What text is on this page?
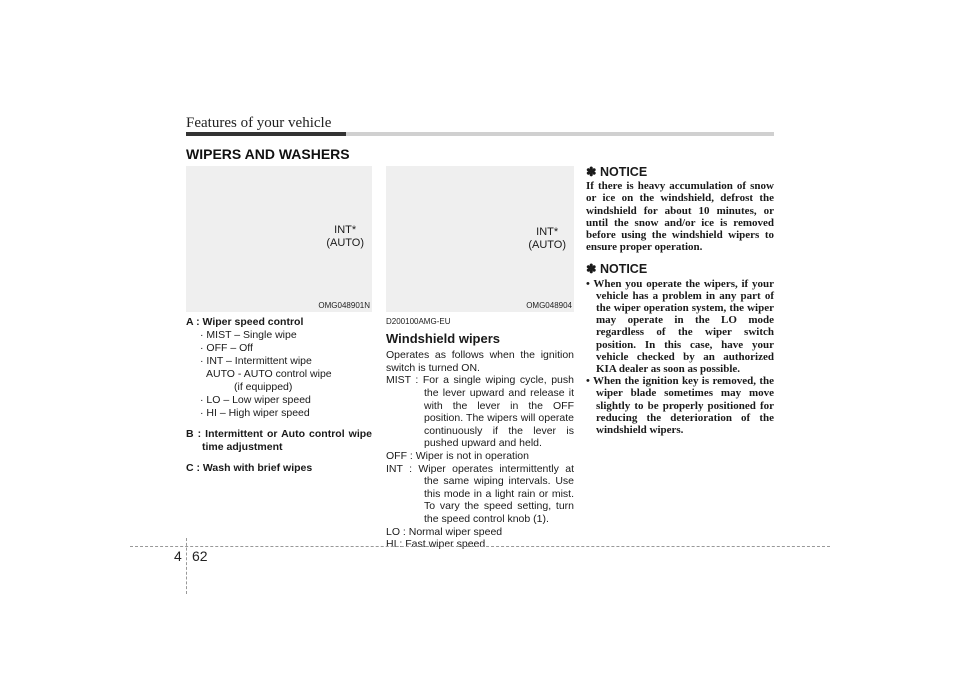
Features of your vehicle
WIPERS AND WASHERS
INT*
(AUTO)
OMG048901N
INT*
(AUTO)
OMG048904
A : Wiper speed control
· MIST – Single wipe
· OFF – Off
· INT – Intermittent wipe
AUTO - AUTO control wipe
(if equipped)
· LO – Low wiper speed
· HI – High wiper speed
B : Intermittent or Auto control wipe time adjustment
C : Wash with brief wipes
D200100AMG-EU
Windshield wipers

Operates as follows when the ignition switch is turned ON.

MIST : For a single wiping cycle, push the lever upward and release it with the lever in the OFF position. The wipers will operate continuously if the lever is pushed upward and held.
OFF : Wiper is not in operation
INT : Wiper operates intermittently at the same wiping intervals. Use this mode in a light rain or mist. To vary the speed setting, turn the speed control knob (1).
LO : Normal wiper speed
HI : Fast wiper speed
✽ NOTICE

If there is heavy accumulation of snow or ice on the windshield, defrost the windshield for about 10 minutes, or until the snow and/or ice is removed before using the windshield wipers to ensure proper operation.

✽ NOTICE
• When you operate the wipers, if your vehicle has a problem in any part of the wiper operation system, the wiper may operate in the LO mode regardless of the wiper switch position. In this case, have your vehicle checked by an authorized KIA dealer as soon as possible.
• When the ignition key is removed, the wiper blade sometimes may move slightly to be properly positioned for reducing the deterioration of the windshield wipers.
4 62
